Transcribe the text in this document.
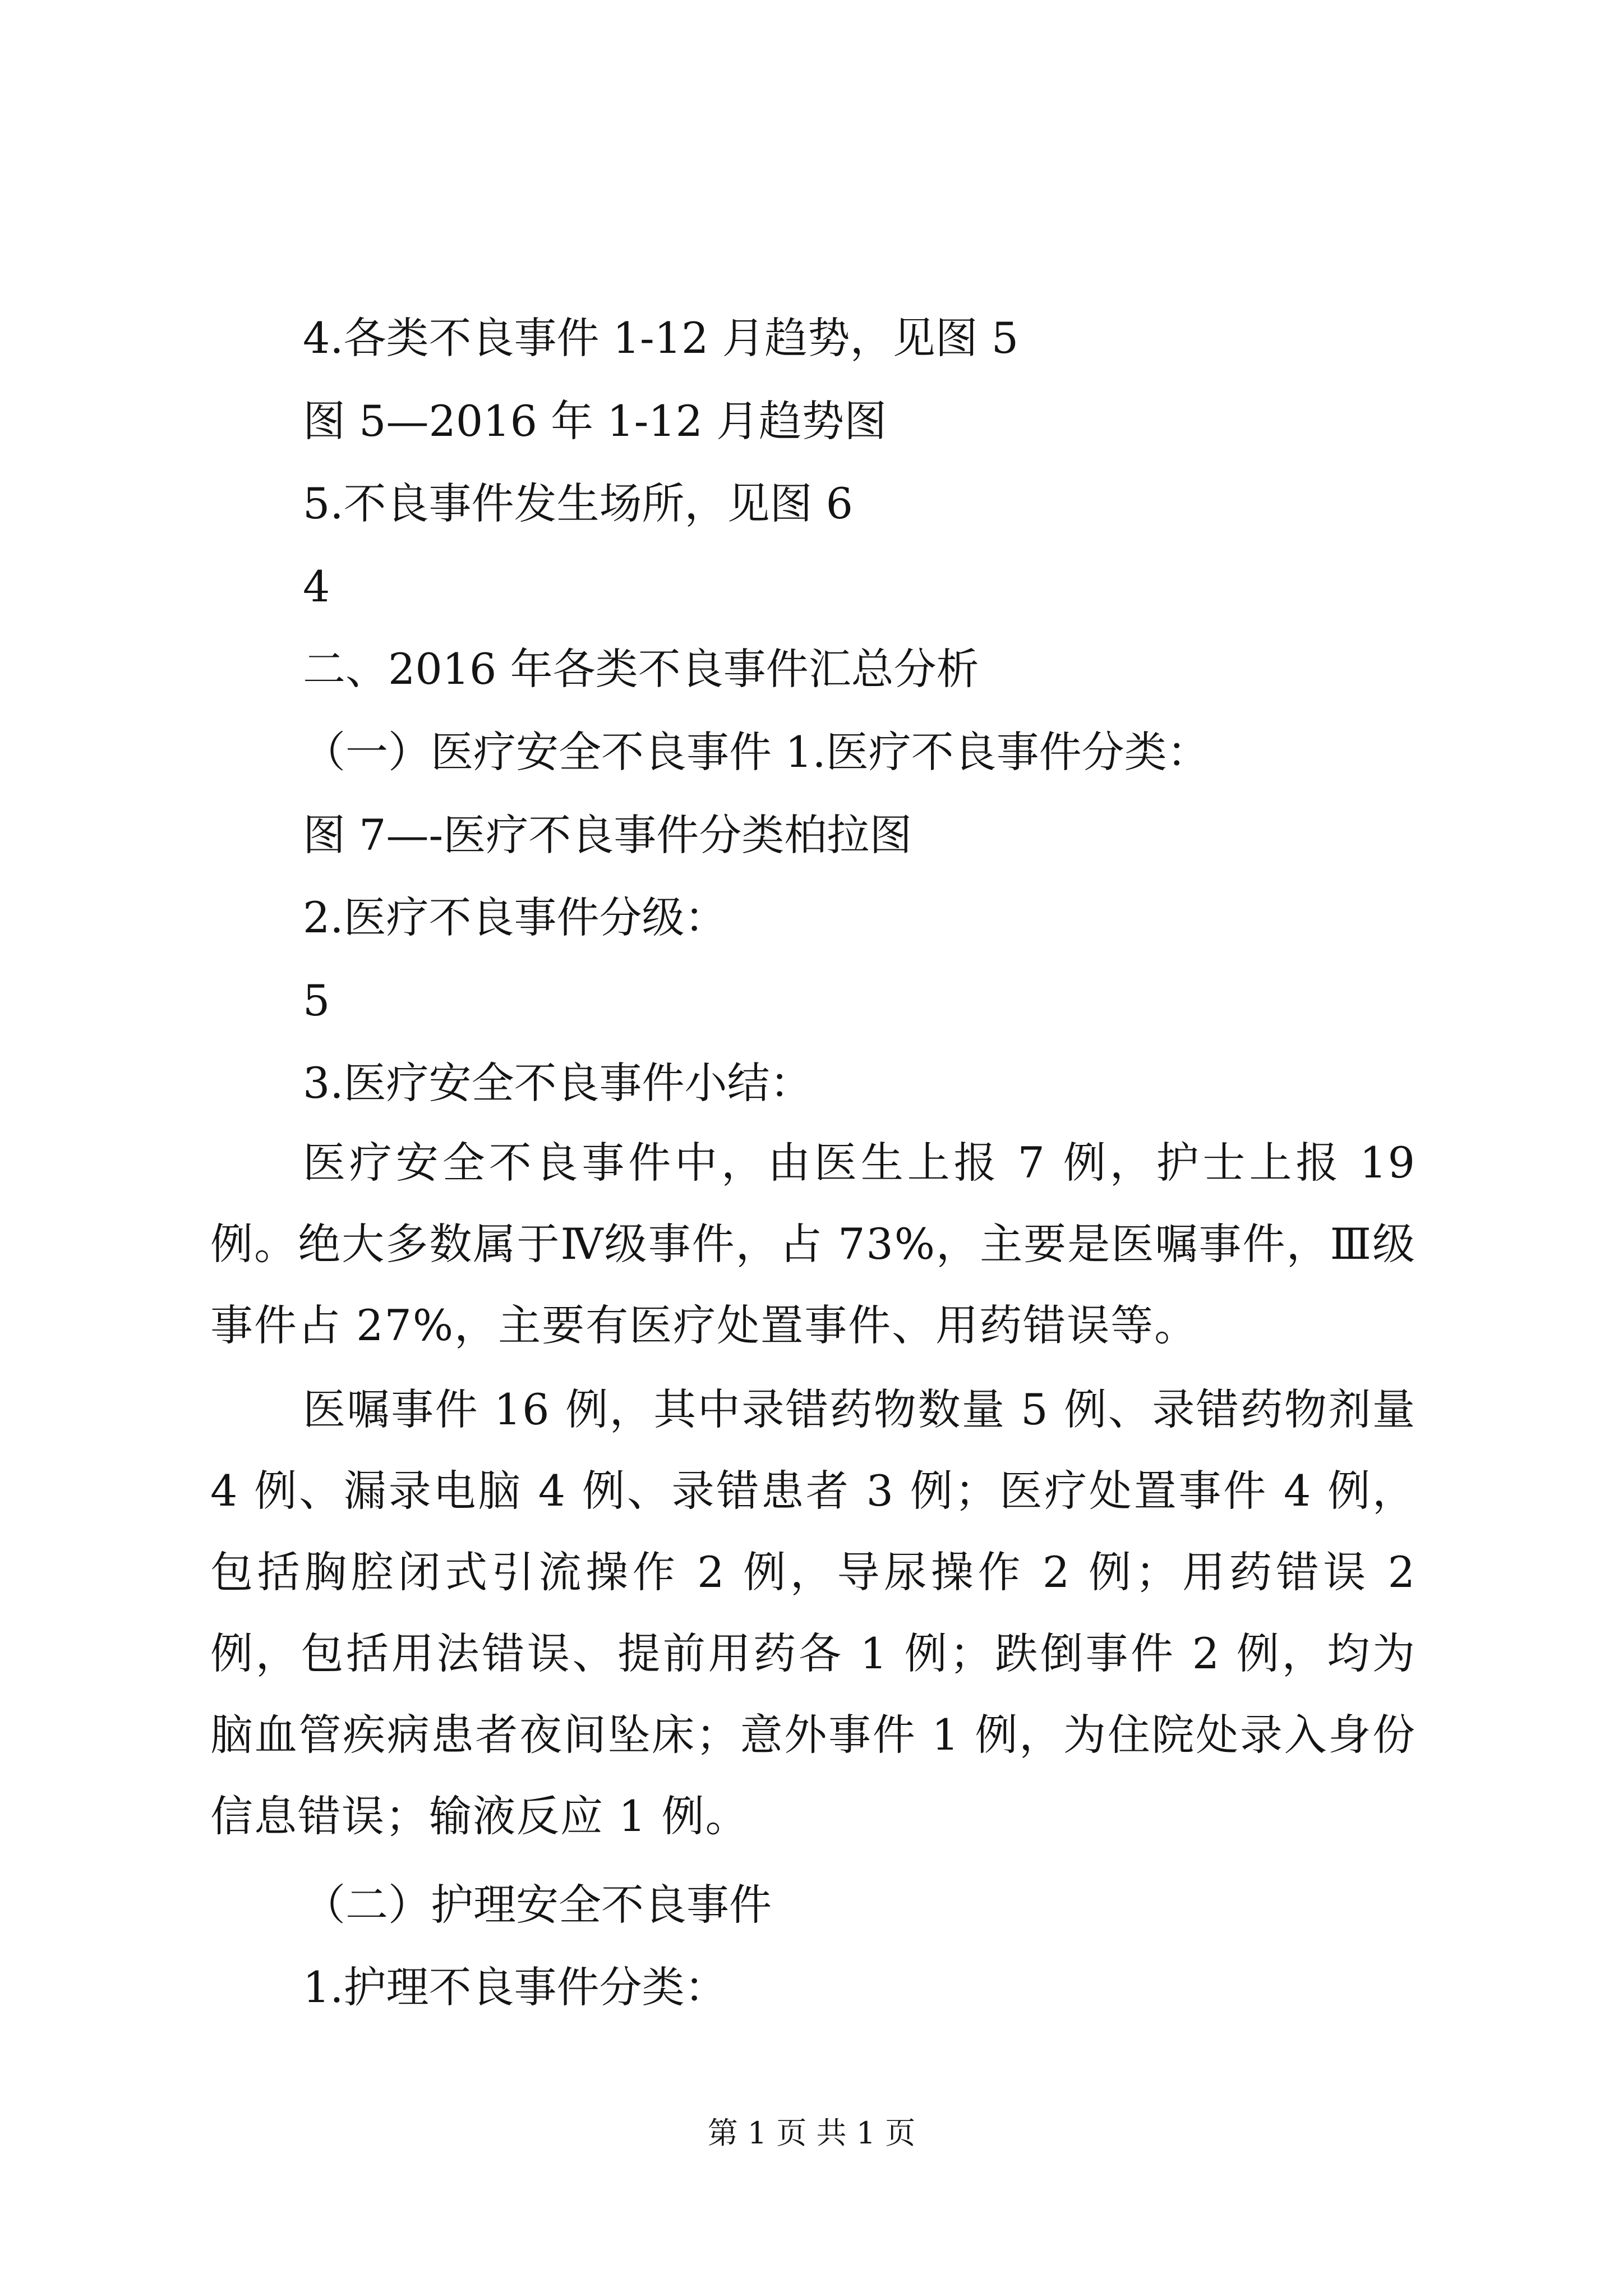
4.各类不良事件 1-12 月趋势，见图 5
图 5—2016 年 1-12 月趋势图
5.不良事件发生场所，见图 6
4
二、2016 年各类不良事件汇总分析
（一）医疗安全不良事件 1.医疗不良事件分类：
图 7—-医疗不良事件分类柏拉图
2.医疗不良事件分级：
5
3.医疗安全不良事件小结：
医疗安全不良事件中，由医生上报 7 例，护士上报 19 例。绝大多数属于Ⅳ级事件，占 73%，主要是医嘱事件，Ⅲ级事件占 27%，主要有医疗处置事件、用药错误等。
医嘱事件 16 例，其中录错药物数量 5 例、录错药物剂量 4 例、漏录电脑 4 例、录错患者 3 例；医疗处置事件 4 例，包括胸腔闭式引流操作 2 例，导尿操作 2 例；用药错误 2 例，包括用法错误、提前用药各 1 例；跌倒事件 2 例，均为脑血管疾病患者夜间坠床；意外事件 1 例，为住院处录入身份信息错误；输液反应 1 例。
（二）护理安全不良事件
1.护理不良事件分类：
第 1 页 共 1 页
